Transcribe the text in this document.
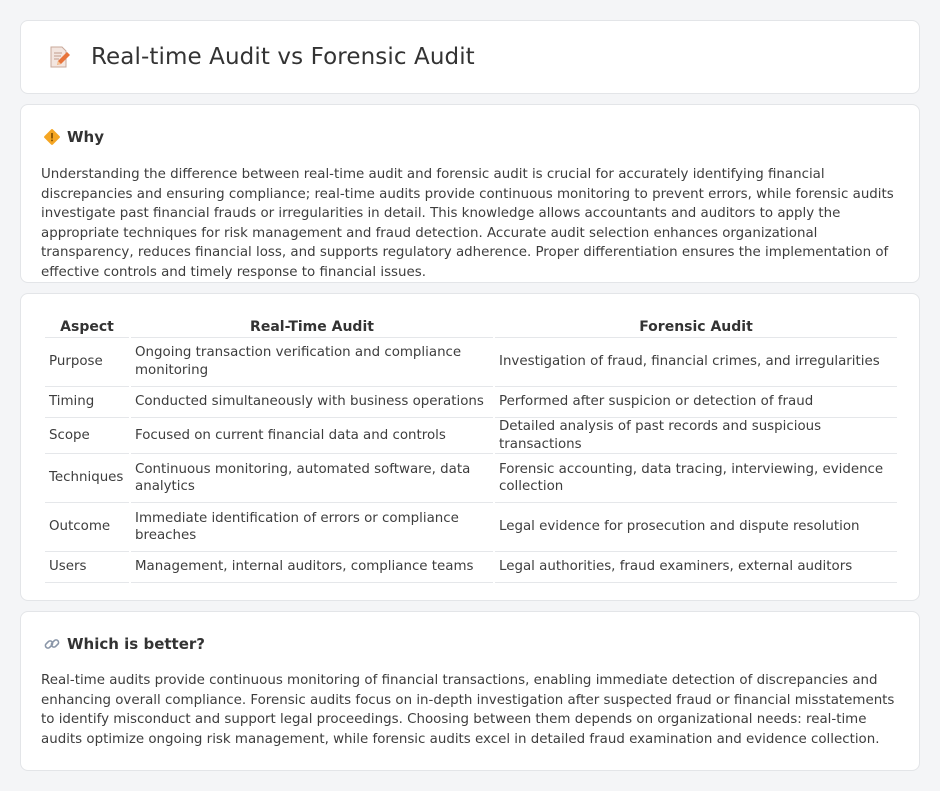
Real-time Audit vs Forensic Audit
Why

Understanding the difference between real-time audit and forensic audit is crucial for accurately identifying financial discrepancies and ensuring compliance; real-time audits provide continuous monitoring to prevent errors, while forensic audits investigate past financial frauds or irregularities in detail. This knowledge allows accountants and auditors to apply the appropriate techniques for risk management and fraud detection. Accurate audit selection enhances organizational transparency, reduces financial loss, and supports regulatory adherence. Proper differentiation ensures the implementation of effective controls and timely response to financial issues.

Aspect	Real-Time Audit	Forensic Audit
Purpose	Ongoing transaction verification and compliance monitoring	Investigation of fraud, financial crimes, and irregularities
Timing	Conducted simultaneously with business operations	Performed after suspicion or detection of fraud
Scope	Focused on current financial data and controls	Detailed analysis of past records and suspicious transactions
Techniques	Continuous monitoring, automated software, data analytics	Forensic accounting, data tracing, interviewing, evidence collection
Outcome	Immediate identification of errors or compliance breaches	Legal evidence for prosecution and dispute resolution
Users	Management, internal auditors, compliance teams	Legal authorities, fraud examiners, external auditors
Which is better?

Real-time audits provide continuous monitoring of financial transactions, enabling immediate detection of discrepancies and enhancing overall compliance. Forensic audits focus on in-depth investigation after suspected fraud or financial misstatements to identify misconduct and support legal proceedings. Choosing between them depends on organizational needs: real-time audits optimize ongoing risk management, while forensic audits excel in detailed fraud examination and evidence collection.
